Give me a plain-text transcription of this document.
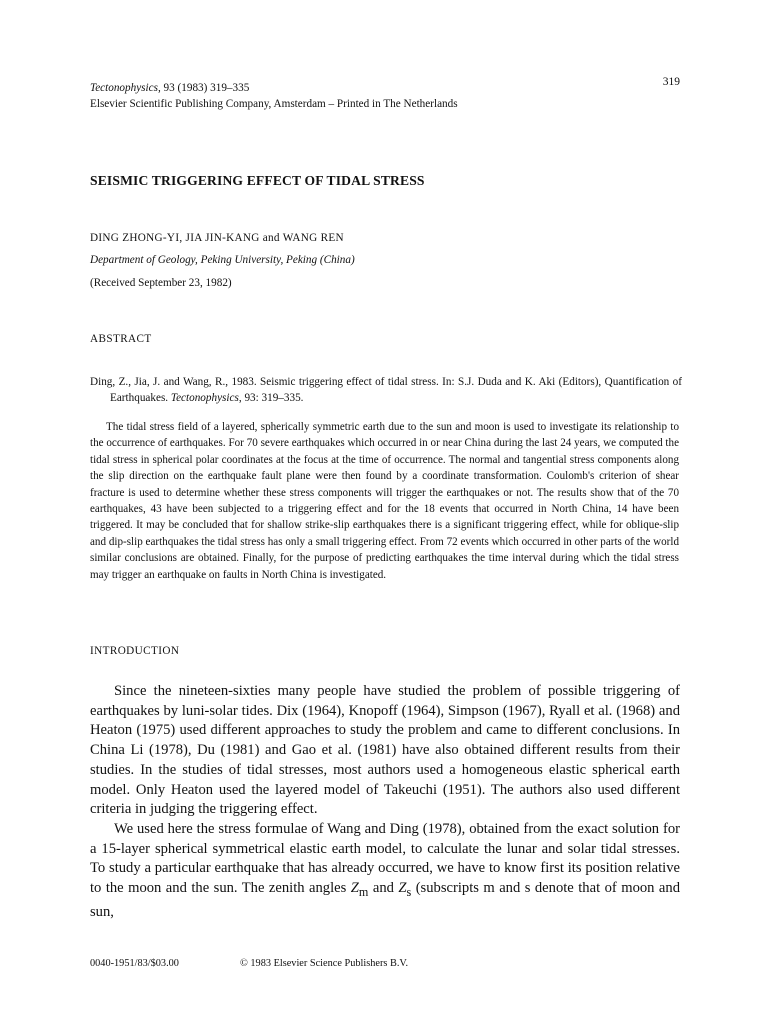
Tectonophysics, 93 (1983) 319–335
Elsevier Scientific Publishing Company, Amsterdam – Printed in The Netherlands
319
SEISMIC TRIGGERING EFFECT OF TIDAL STRESS
DING ZHONG-YI, JIA JIN-KANG and WANG REN
Department of Geology, Peking University, Peking (China)
(Received September 23, 1982)
ABSTRACT
Ding, Z., Jia, J. and Wang, R., 1983. Seismic triggering effect of tidal stress. In: S.J. Duda and K. Aki (Editors), Quantification of Earthquakes. Tectonophysics, 93: 319–335.
The tidal stress field of a layered, spherically symmetric earth due to the sun and moon is used to investigate its relationship to the occurrence of earthquakes. For 70 severe earthquakes which occurred in or near China during the last 24 years, we computed the tidal stress in spherical polar coordinates at the focus at the time of occurrence. The normal and tangential stress components along the slip direction on the earthquake fault plane were then found by a coordinate transformation. Coulomb's criterion of shear fracture is used to determine whether these stress components will trigger the earthquakes or not. The results show that of the 70 earthquakes, 43 have been subjected to a triggering effect and for the 18 events that occurred in North China, 14 have been triggered. It may be concluded that for shallow strike-slip earthquakes there is a significant triggering effect, while for oblique-slip and dip-slip earthquakes the tidal stress has only a small triggering effect. From 72 events which occurred in other parts of the world similar conclusions are obtained. Finally, for the purpose of predicting earthquakes the time interval during which the tidal stress may trigger an earthquake on faults in North China is investigated.
INTRODUCTION

Since the nineteen-sixties many people have studied the problem of possible triggering of earthquakes by luni-solar tides. Dix (1964), Knopoff (1964), Simpson (1967), Ryall et al. (1968) and Heaton (1975) used different approaches to study the problem and came to different conclusions. In China Li (1978), Du (1981) and Gao et al. (1981) have also obtained different results from their studies. In the studies of tidal stresses, most authors used a homogeneous elastic spherical earth model. Only Heaton used the layered model of Takeuchi (1951). The authors also used different criteria in judging the triggering effect.

We used here the stress formulae of Wang and Ding (1978), obtained from the exact solution for a 15-layer spherical symmetrical elastic earth model, to calculate the lunar and solar tidal stresses. To study a particular earthquake that has already occurred, we have to know first its position relative to the moon and the sun. The zenith angles $Z_m$ and $Z_s$ (subscripts m and s denote that of moon and sun,

0040-1951/83/$03.00	© 1983 Elsevier Science Publishers B.V.
